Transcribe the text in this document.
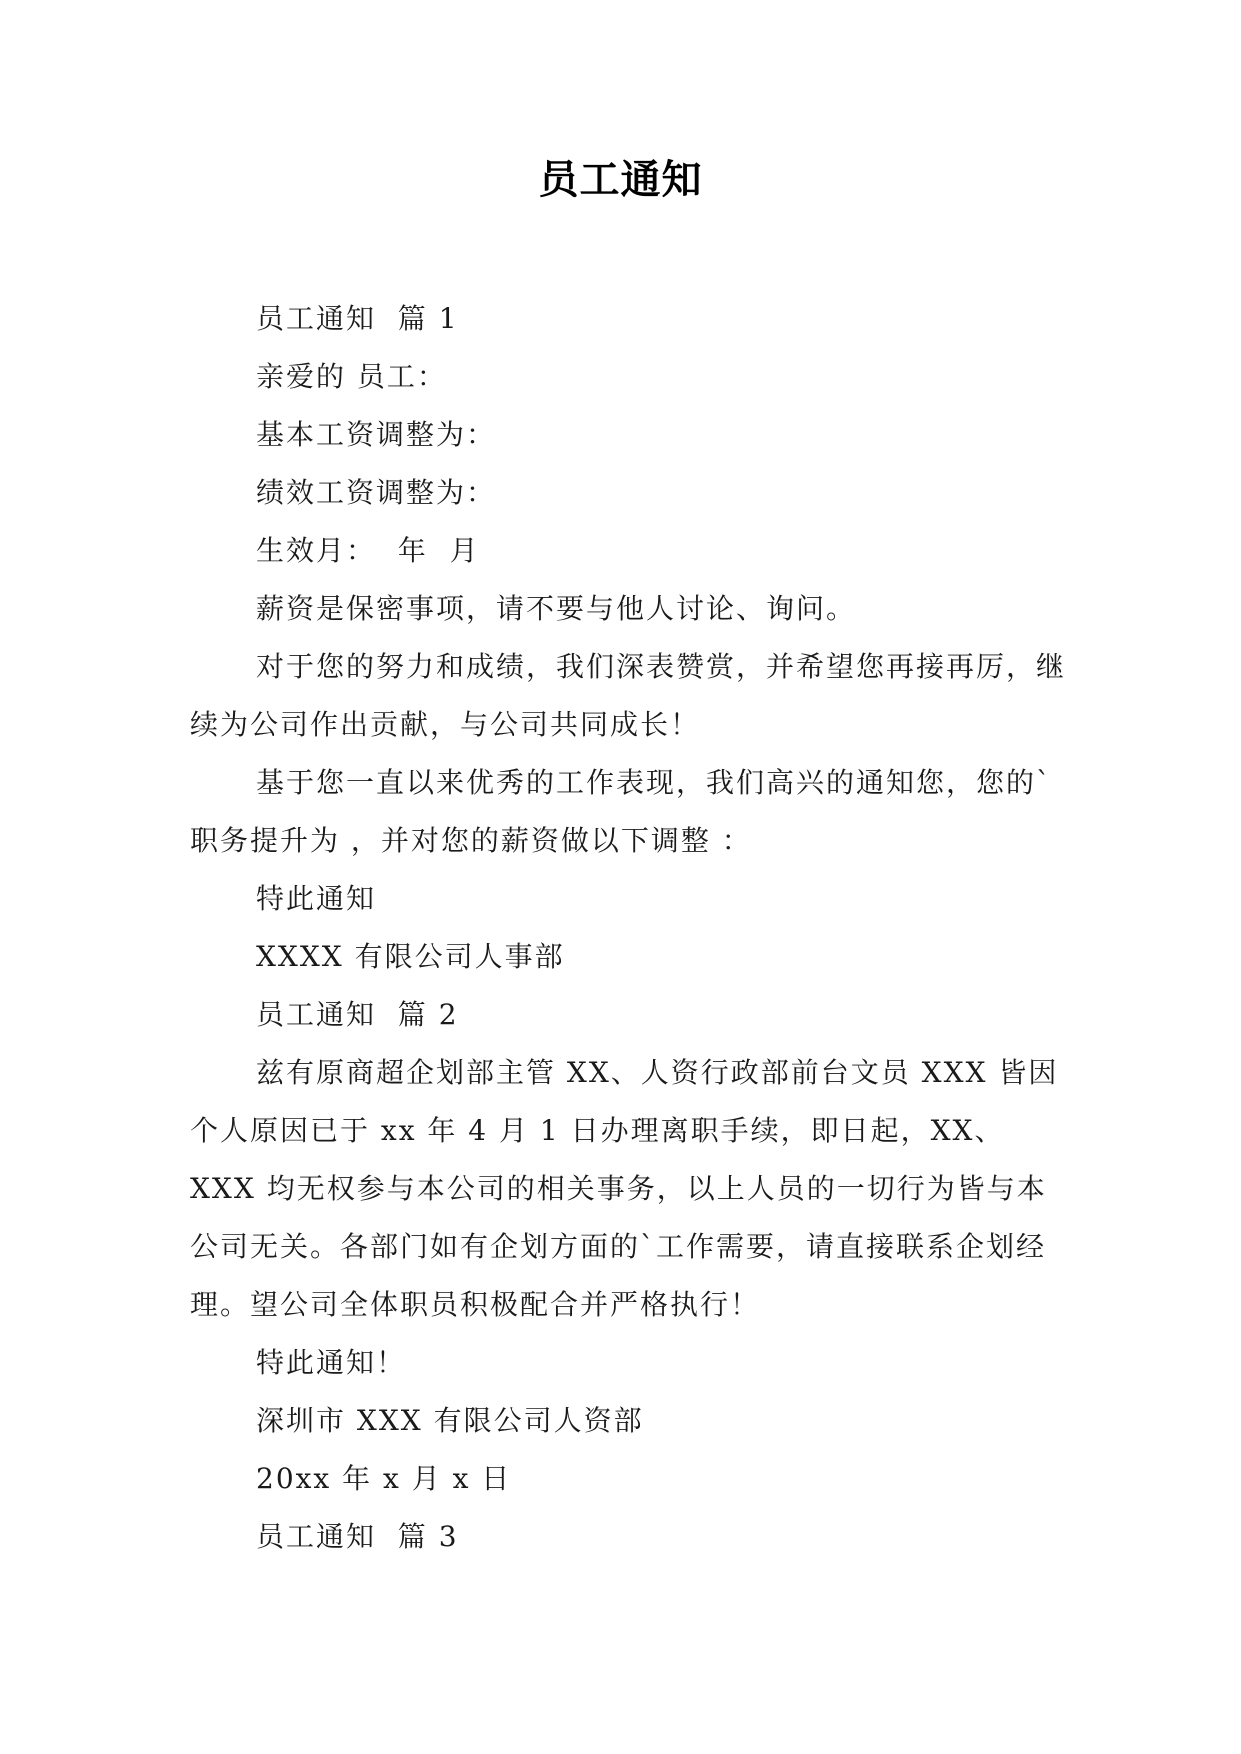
员工通知

员工通知  篇 1

亲爱的 员工：

基本工资调整为：

绩效工资调整为：

生效月：  年  月

薪资是保密事项，请不要与他人讨论、询问。

对于您的努力和成绩，我们深表赞赏，并希望您再接再厉，继续为公司作出贡献，与公司共同成长！

基于您一直以来优秀的工作表现，我们高兴的通知您，您的`职务提升为 ，并对您的薪资做以下调整 ：

特此通知

XXXX 有限公司人事部

员工通知  篇 2

兹有原商超企划部主管 XX、人资行政部前台文员 XXX 皆因个人原因已于 xx 年 4 月 1 日办理离职手续，即日起，XX、XXX 均无权参与本公司的相关事务，以上人员的一切行为皆与本公司无关。各部门如有企划方面的`工作需要，请直接联系企划经理。望公司全体职员积极配合并严格执行！

特此通知！

深圳市 XXX 有限公司人资部

20xx 年 x 月 x 日

员工通知  篇 3
